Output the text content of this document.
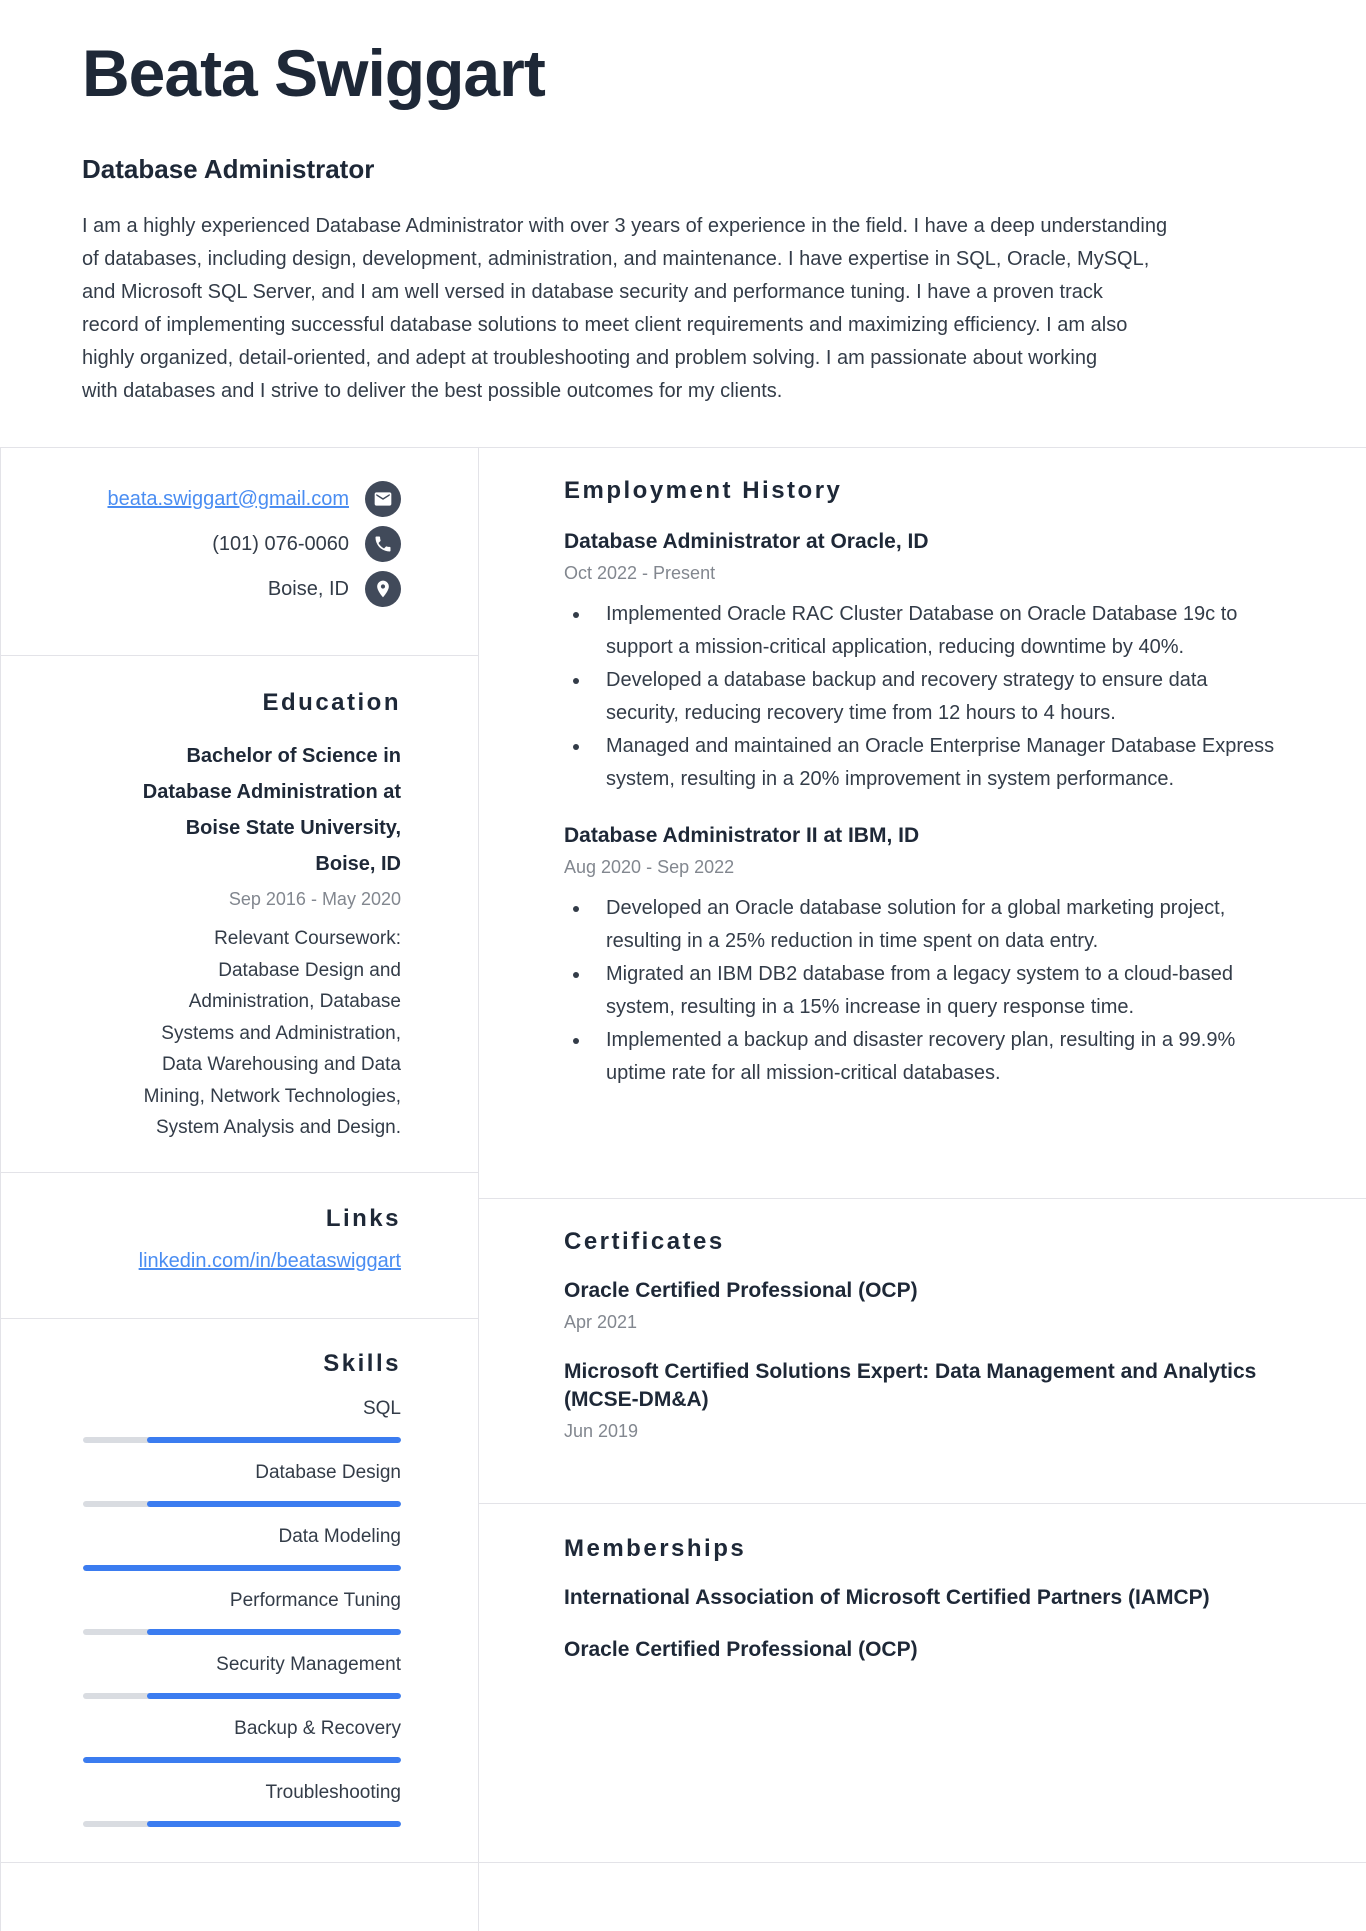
Beata Swiggart
Database Administrator
I am a highly experienced Database Administrator with over 3 years of experience in the field. I have a deep understanding
of databases, including design, development, administration, and maintenance. I have expertise in SQL, Oracle, MySQL,
and Microsoft SQL Server, and I am well versed in database security and performance tuning. I have a proven track
record of implementing successful database solutions to meet client requirements and maximizing efficiency. I am also
highly organized, detail-oriented, and adept at troubleshooting and problem solving. I am passionate about working
with databases and I strive to deliver the best possible outcomes for my clients.
beata.swiggart@gmail.com
(101) 076-0060
Boise, ID
Education
Bachelor of Science in
Database Administration at
Boise State University,
Boise, ID
Sep 2016 - May 2020
Relevant Coursework:
Database Design and
Administration, Database
Systems and Administration,
Data Warehousing and Data
Mining, Network Technologies,
System Analysis and Design.
Links
linkedin.com/in/beataswiggart
Skills
SQL
Database Design
Data Modeling
Performance Tuning
Security Management
Backup & Recovery
Troubleshooting
Employment History
Database Administrator at Oracle, ID
Oct 2022 - Present
• Implemented Oracle RAC Cluster Database on Oracle Database 19c to support a mission-critical application, reducing downtime by 40%.
• Developed a database backup and recovery strategy to ensure data security, reducing recovery time from 12 hours to 4 hours.
• Managed and maintained an Oracle Enterprise Manager Database Express system, resulting in a 20% improvement in system performance.
Database Administrator II at IBM, ID
Aug 2020 - Sep 2022
• Developed an Oracle database solution for a global marketing project, resulting in a 25% reduction in time spent on data entry.
• Migrated an IBM DB2 database from a legacy system to a cloud-based system, resulting in a 15% increase in query response time.
• Implemented a backup and disaster recovery plan, resulting in a 99.9% uptime rate for all mission-critical databases.
Certificates
Oracle Certified Professional (OCP)
Apr 2021
Microsoft Certified Solutions Expert: Data Management and Analytics (MCSE-DM&A)
Jun 2019
Memberships
International Association of Microsoft Certified Partners (IAMCP)
Oracle Certified Professional (OCP)
